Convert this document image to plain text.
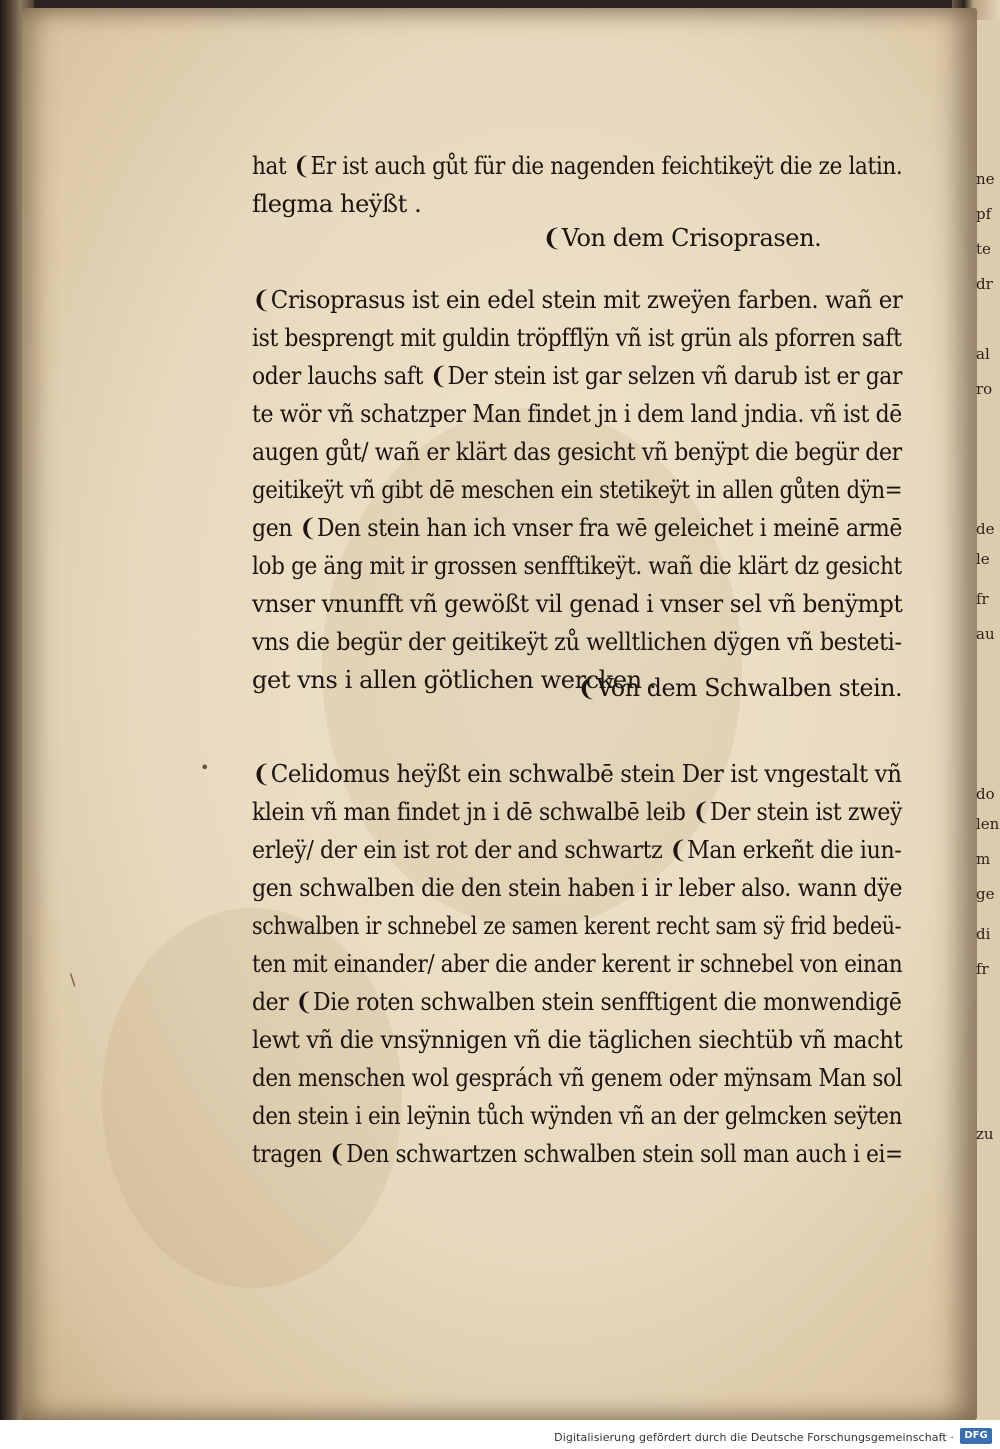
•
\
hat ❨Er ist auch gůt für die nagenden feichtikeÿt die ze latin.
flegma heÿßt .
❨Von dem Crisoprasen.
❨Crisoprasus ist ein edel stein mit zweÿen farben. wañ er
ist besprengt mit guldin tröpfflÿn vñ ist grün als pforren saft
oder lauchs saft ❨Der stein ist gar selzen vñ darub ist er gar
te wör vñ schatzper Man findet jn i dem land jndia. vñ ist dē
augen gůt/ wañ er klärt das gesicht vñ benÿpt die begür der
geitikeÿt vñ gibt dē meschen ein stetikeÿt in allen gůten dÿn=
gen ❨Den stein han ich vnser fra wē geleichet i meinē armē
lob ge äng mit ir grossen senfftikeÿt. wañ die klärt dz gesicht
vnser vnunfft vñ gewößt vil genad i vnser sel vñ benÿmpt
vns die begür der geitikeÿt zů welltlichen dÿgen vñ besteti-
get vns i allen götlichen wercken .
❨Von dem Schwalben stein.
❨Celidomus heÿßt ein schwalbē stein Der ist vngestalt vñ
klein vñ man findet jn i dē schwalbē leib ❨Der stein ist zweÿ
erleÿ/ der ein ist rot der and schwartz ❨Man erkeñt die iun-
gen schwalben die den stein haben i ir leber also. wann dÿe
schwalben ir schnebel ze samen kerent recht sam sÿ frid bedeü-
ten mit einander/ aber die ander kerent ir schnebel von einan
der ❨Die roten schwalben stein senfftigent die monwendigē
lewt vñ die vnsÿnnigen vñ die täglichen siechtüb vñ macht
den menschen wol gesprách vñ genem oder mÿnsam Man sol
den stein i ein leÿnin tůch wÿnden vñ an der gelmcken seÿten
tragen ❨Den schwartzen schwalben stein soll man auch i ei=
ne
pf
te
dr
al
ro
de
le
fr
au
do
len
m
ge
di
fr
zu
Digitalisierung gefördert durch die Deutsche Forschungsgemeinschaft ·	DFG
